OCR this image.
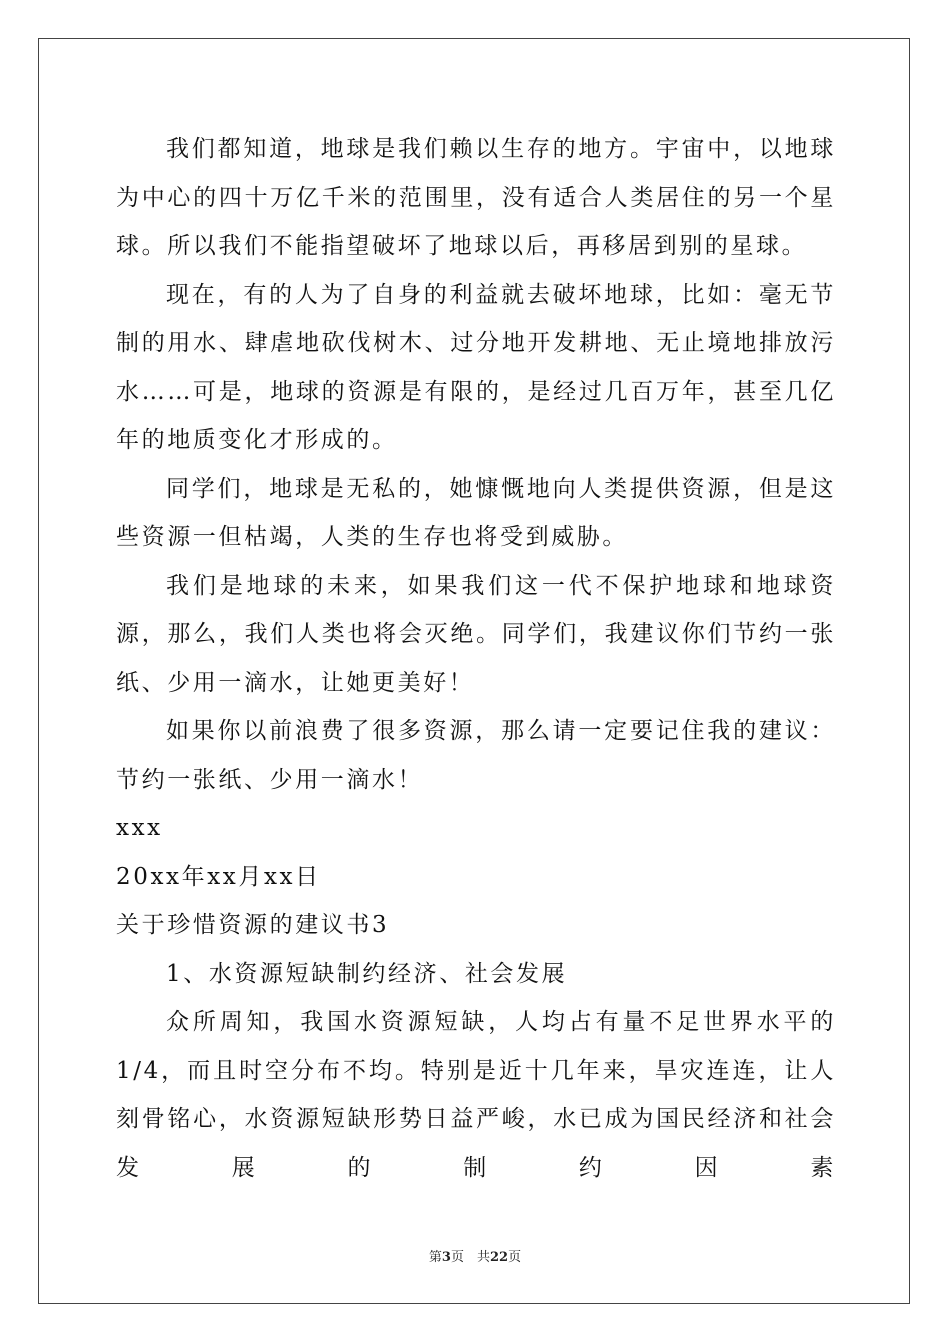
我们都知道，地球是我们赖以生存的地方。宇宙中，以地球为中心的四十万亿千米的范围里，没有适合人类居住的另一个星球。所以我们不能指望破坏了地球以后，再移居到别的星球。

现在，有的人为了自身的利益就去破坏地球，比如：毫无节制的用水、肆虐地砍伐树木、过分地开发耕地、无止境地排放污水……可是，地球的资源是有限的，是经过几百万年，甚至几亿年的地质变化才形成的。

同学们，地球是无私的，她慷慨地向人类提供资源，但是这些资源一但枯竭，人类的生存也将受到威胁。

我们是地球的未来，如果我们这一代不保护地球和地球资源，那么，我们人类也将会灭绝。同学们，我建议你们节约一张纸、少用一滴水，让她更美好！

如果你以前浪费了很多资源，那么请一定要记住我的建议：节约一张纸、少用一滴水！

xxx

20xx年xx月xx日

关于珍惜资源的建议书3

1、水资源短缺制约经济、社会发展

众所周知，我国水资源短缺，人均占有量不足世界水平的1/4，而且时空分布不均。特别是近十几年来，旱灾连连，让人刻骨铭心，水资源短缺形势日益严峻，水已成为国民经济和社会发展的制约因素

第3页　共22页
